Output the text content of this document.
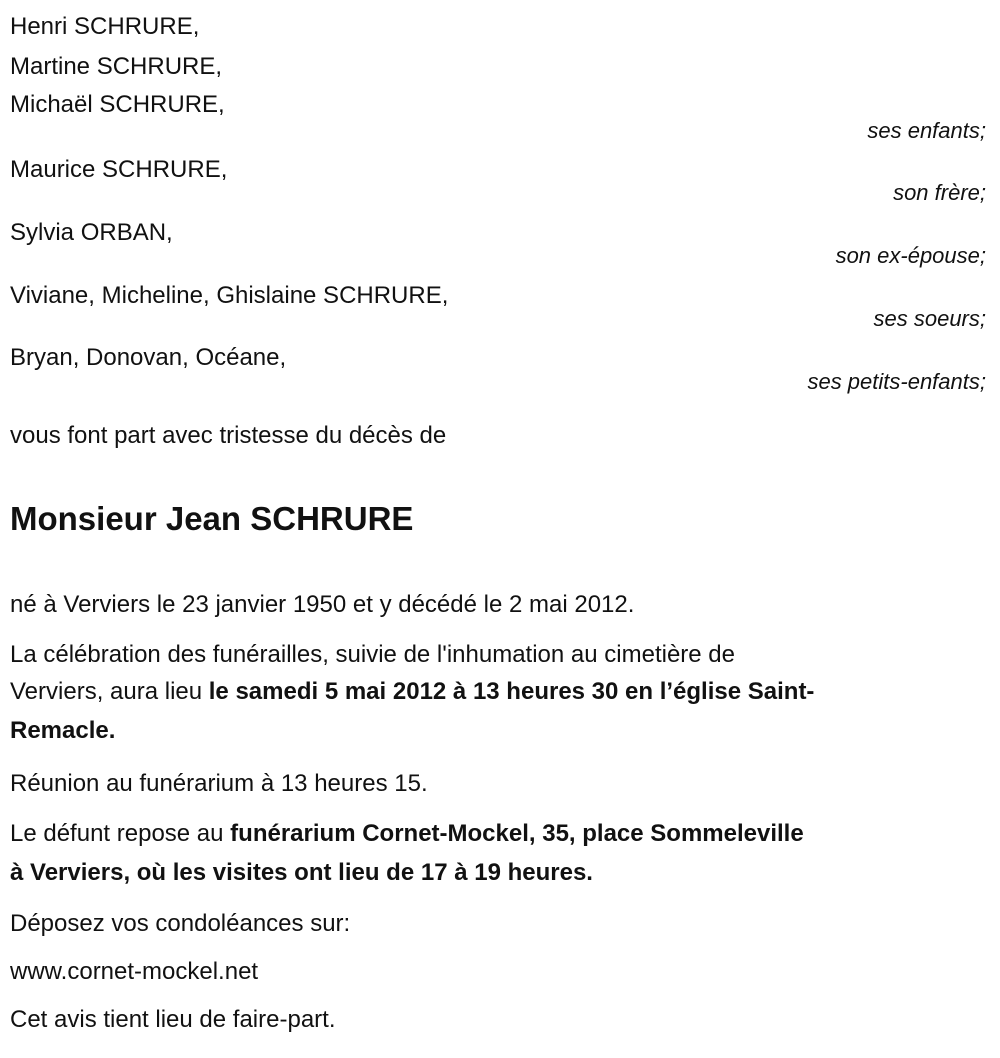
Henri SCHRURE,
Martine SCHRURE,
Michaël SCHRURE,
ses enfants;
Maurice SCHRURE,
son frère;
Sylvia ORBAN,
son ex-épouse;
Viviane, Micheline, Ghislaine SCHRURE,
ses soeurs;
Bryan, Donovan, Océane,
ses petits-enfants;
vous font part avec tristesse du décès de
Monsieur Jean SCHRURE
né à Verviers le 23 janvier 1950 et y décédé le 2 mai 2012.
La célébration des funérailles, suivie de l'inhumation au cimetière de
Verviers, aura lieu le samedi 5 mai 2012 à 13 heures 30 en l’église Saint-
Remacle.
Réunion au funérarium à 13 heures 15.
Le défunt repose au funérarium Cornet-Mockel, 35, place Sommeleville
à Verviers, où les visites ont lieu de 17 à 19 heures.
Déposez vos condoléances sur:
www.cornet-mockel.net
Cet avis tient lieu de faire-part.
